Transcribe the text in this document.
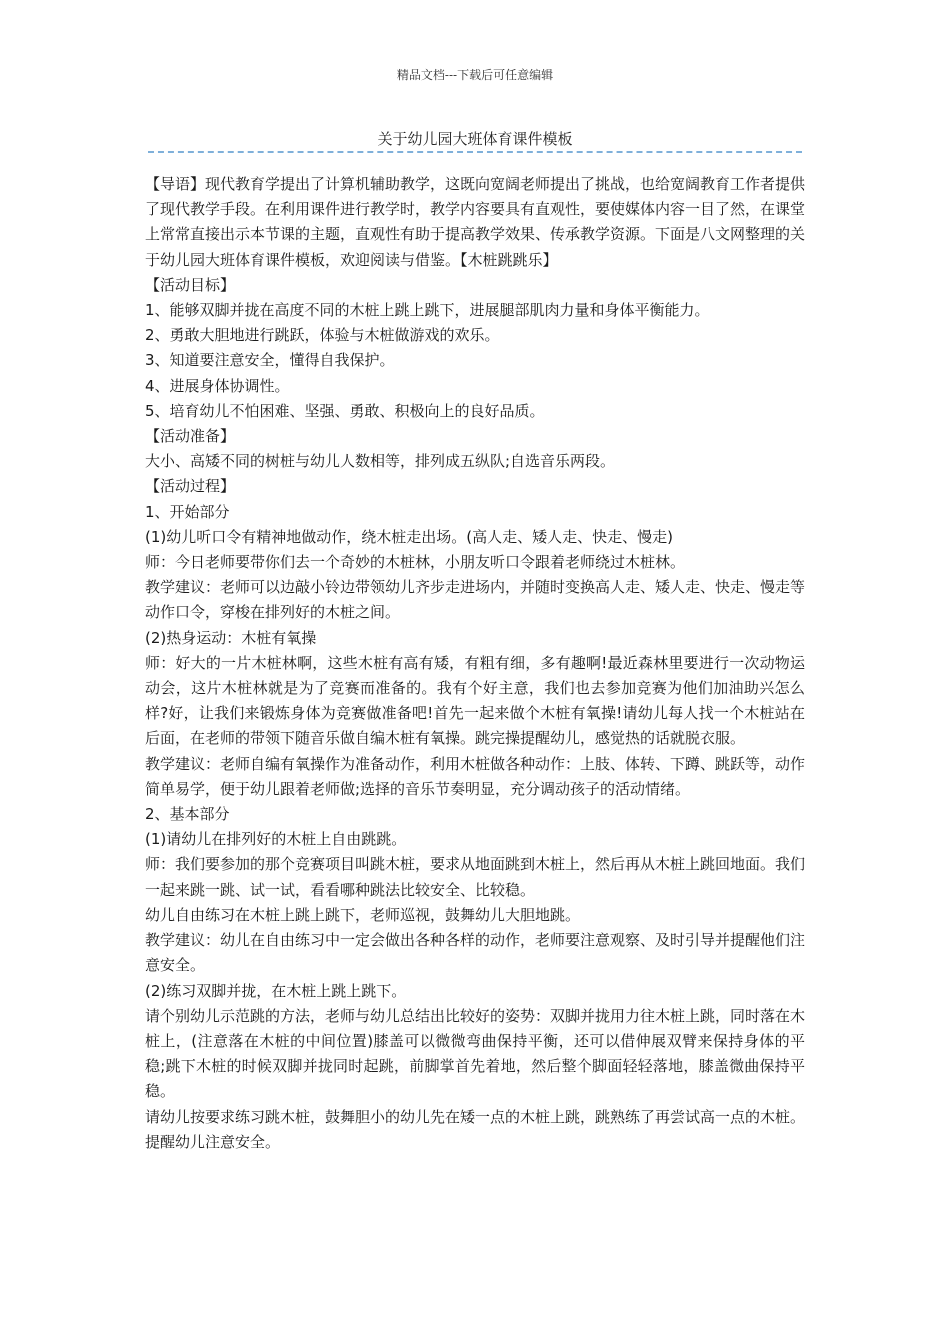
精品文档---下载后可任意编辑
关于幼儿园大班体育课件模板

【导语】现代教育学提出了计算机辅助教学，这既向宽阔老师提出了挑战，也给宽阔教育工作者提供了现代教学手段。在利用课件进行教学时，教学内容要具有直观性，要使媒体内容一目了然，在课堂上常常直接出示本节课的主题，直观性有助于提高教学效果、传承教学资源。下面是八文网整理的关于幼儿园大班体育课件模板，欢迎阅读与借鉴。【木桩跳跳乐】

【活动目标】

1、能够双脚并拢在高度不同的木桩上跳上跳下，进展腿部肌肉力量和身体平衡能力。

2、勇敢大胆地进行跳跃，体验与木桩做游戏的欢乐。

3、知道要注意安全，懂得自我保护。

4、进展身体协调性。

5、培育幼儿不怕困难、坚强、勇敢、积极向上的良好品质。

【活动准备】

大小、高矮不同的树桩与幼儿人数相等，排列成五纵队;自选音乐两段。

【活动过程】

1、开始部分

(1)幼儿听口令有精神地做动作，绕木桩走出场。(高人走、矮人走、快走、慢走)

师：今日老师要带你们去一个奇妙的木桩林，小朋友听口令跟着老师绕过木桩林。

教学建议：老师可以边敲小铃边带领幼儿齐步走进场内，并随时变换高人走、矮人走、快走、慢走等动作口令，穿梭在排列好的木桩之间。

(2)热身运动：木桩有氧操

师：好大的一片木桩林啊，这些木桩有高有矮，有粗有细，多有趣啊!最近森林里要进行一次动物运动会，这片木桩林就是为了竞赛而准备的。我有个好主意，我们也去参加竞赛为他们加油助兴怎么样?好，让我们来锻炼身体为竞赛做准备吧!首先一起来做个木桩有氧操!请幼儿每人找一个木桩站在后面，在老师的带领下随音乐做自编木桩有氧操。跳完操提醒幼儿，感觉热的话就脱衣服。

教学建议：老师自编有氧操作为准备动作，利用木桩做各种动作：上肢、体转、下蹲、跳跃等，动作简单易学，便于幼儿跟着老师做;选择的音乐节奏明显，充分调动孩子的活动情绪。

2、基本部分

(1)请幼儿在排列好的木桩上自由跳跳。

师：我们要参加的那个竞赛项目叫跳木桩，要求从地面跳到木桩上，然后再从木桩上跳回地面。我们一起来跳一跳、试一试，看看哪种跳法比较安全、比较稳。

幼儿自由练习在木桩上跳上跳下，老师巡视，鼓舞幼儿大胆地跳。

教学建议：幼儿在自由练习中一定会做出各种各样的动作，老师要注意观察、及时引导并提醒他们注意安全。

(2)练习双脚并拢，在木桩上跳上跳下。

请个别幼儿示范跳的方法，老师与幼儿总结出比较好的姿势：双脚并拢用力往木桩上跳，同时落在木桩上，(注意落在木桩的中间位置)膝盖可以微微弯曲保持平衡，还可以借伸展双臂来保持身体的平稳;跳下木桩的时候双脚并拢同时起跳，前脚掌首先着地，然后整个脚面轻轻落地，膝盖微曲保持平稳。

请幼儿按要求练习跳木桩，鼓舞胆小的幼儿先在矮一点的木桩上跳，跳熟练了再尝试高一点的木桩。提醒幼儿注意安全。
